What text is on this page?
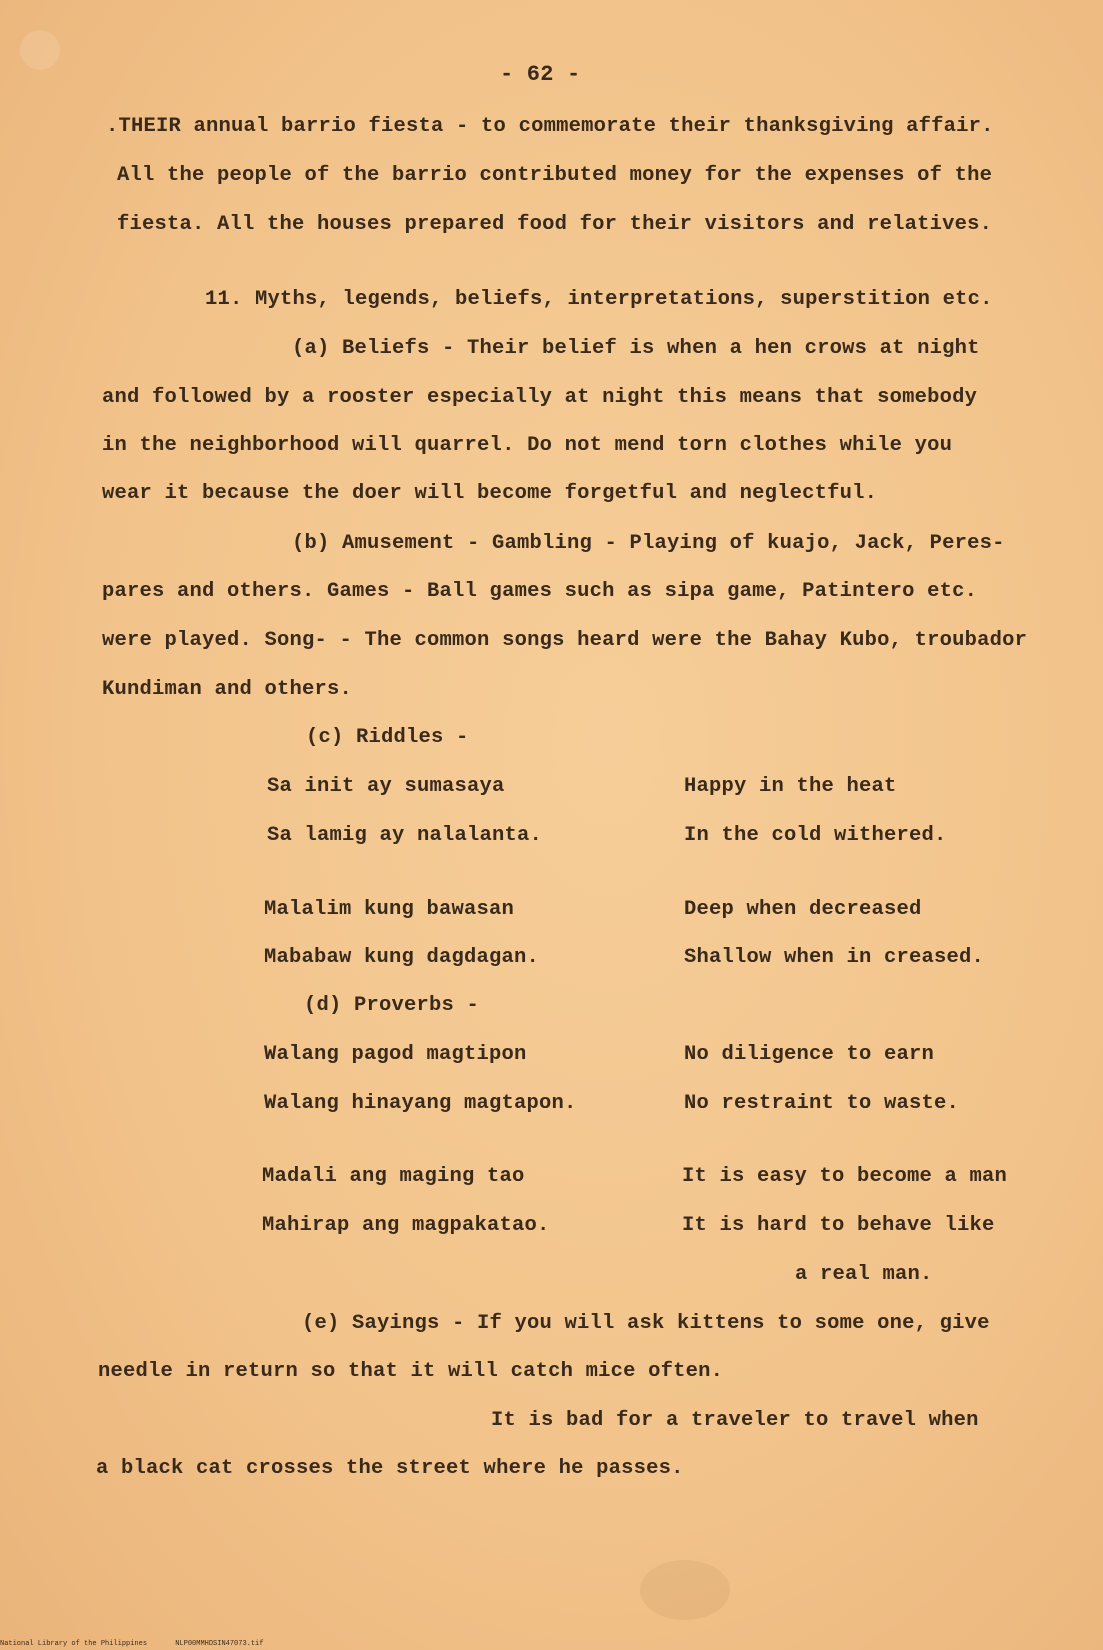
- 62 -
.THEIR annual barrio fiesta - to commemorate their thanksgiving affair.
All the people of the barrio contributed money for the expenses of the
fiesta. All the houses prepared food for their visitors and relatives.
11. Myths, legends, beliefs, interpretations, superstition etc.
(a) Beliefs - Their belief is when a hen crows at night
and followed by a rooster especially at night this means that somebody
in the neighborhood will quarrel. Do not mend torn clothes while you
wear it because the doer will become forgetful and neglectful.
(b) Amusement - Gambling - Playing of kuajo, Jack, Peres-
pares and others. Games - Ball games such as sipa game, Patintero etc.
were played. Song- - The common songs heard were the Bahay Kubo, troubador
Kundiman and others.
(c) Riddles -
Sa init ay sumasaya	Happy in the heat
Sa lamig ay nalalanta.	In the cold withered.
Malalim kung bawasan	Deep when decreased
Mababaw kung dagdagan.	Shallow when in creased.
(d) Proverbs -
Walang pagod magtipon	No diligence to earn
Walang hinayang magtapon.	No restraint to waste.
Madali ang maging tao	It is easy to become a man
Mahirap ang magpakatao.	It is hard to behave like
a real man.
(e) Sayings - If you will ask kittens to some one, give
needle in return so that it will catch mice often.
It is bad for a traveler to travel when
a black cat crosses the street where he passes.
National Library of the Philippines	NLP00MMHDSIN47073.tif
